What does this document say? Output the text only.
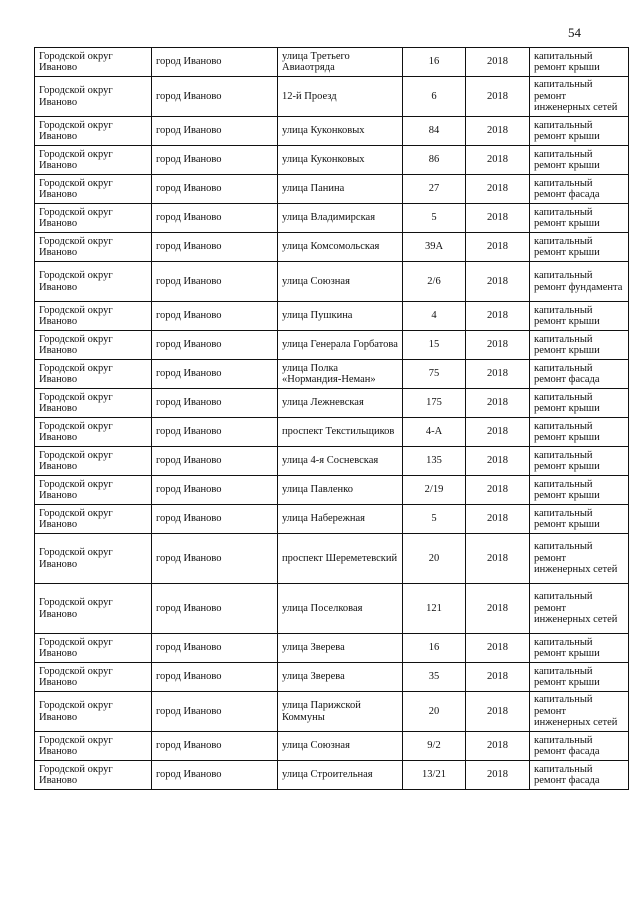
54
Городской округ Иваново	город Иваново	улица Третьего Авиаотряда	16	2018	капитальный ремонт крыши
Городской округ Иваново	город Иваново	12-й Проезд	6	2018	капитальный ремонт инженерных сетей
Городской округ Иваново	город Иваново	улица Куконковых	84	2018	капитальный ремонт крыши
Городской округ Иваново	город Иваново	улица Куконковых	86	2018	капитальный ремонт крыши
Городской округ Иваново	город Иваново	улица Панина	27	2018	капитальный ремонт фасада
Городской округ Иваново	город Иваново	улица Владимирская	5	2018	капитальный ремонт крыши
Городской округ Иваново	город Иваново	улица Комсомольская	39А	2018	капитальный ремонт крыши
Городской округ Иваново	город Иваново	улица Союзная	2/6	2018	капитальный ремонт фундамента
Городской округ Иваново	город Иваново	улица Пушкина	4	2018	капитальный ремонт крыши
Городской округ Иваново	город Иваново	улица Генерала Горбатова	15	2018	капитальный ремонт крыши
Городской округ Иваново	город Иваново	улица Полка «Нормандия-Неман»	75	2018	капитальный ремонт фасада
Городской округ Иваново	город Иваново	улица Лежневская	175	2018	капитальный ремонт крыши
Городской округ Иваново	город Иваново	проспект Текстильщиков	4-А	2018	капитальный ремонт крыши
Городской округ Иваново	город Иваново	улица 4-я Сосневская	135	2018	капитальный ремонт крыши
Городской округ Иваново	город Иваново	улица Павленко	2/19	2018	капитальный ремонт крыши
Городской округ Иваново	город Иваново	улица Набережная	5	2018	капитальный ремонт крыши
Городской округ Иваново	город Иваново	проспект Шереметевский	20	2018	капитальный ремонт инженерных сетей
Городской округ Иваново	город Иваново	улица Поселковая	121	2018	капитальный ремонт инженерных сетей
Городской округ Иваново	город Иваново	улица Зверева	16	2018	капитальный ремонт крыши
Городской округ Иваново	город Иваново	улица Зверева	35	2018	капитальный ремонт крыши
Городской округ Иваново	город Иваново	улица Парижской Коммуны	20	2018	капитальный ремонт инженерных сетей
Городской округ Иваново	город Иваново	улица Союзная	9/2	2018	капитальный ремонт фасада
Городской округ Иваново	город Иваново	улица Строительная	13/21	2018	капитальный ремонт фасада
